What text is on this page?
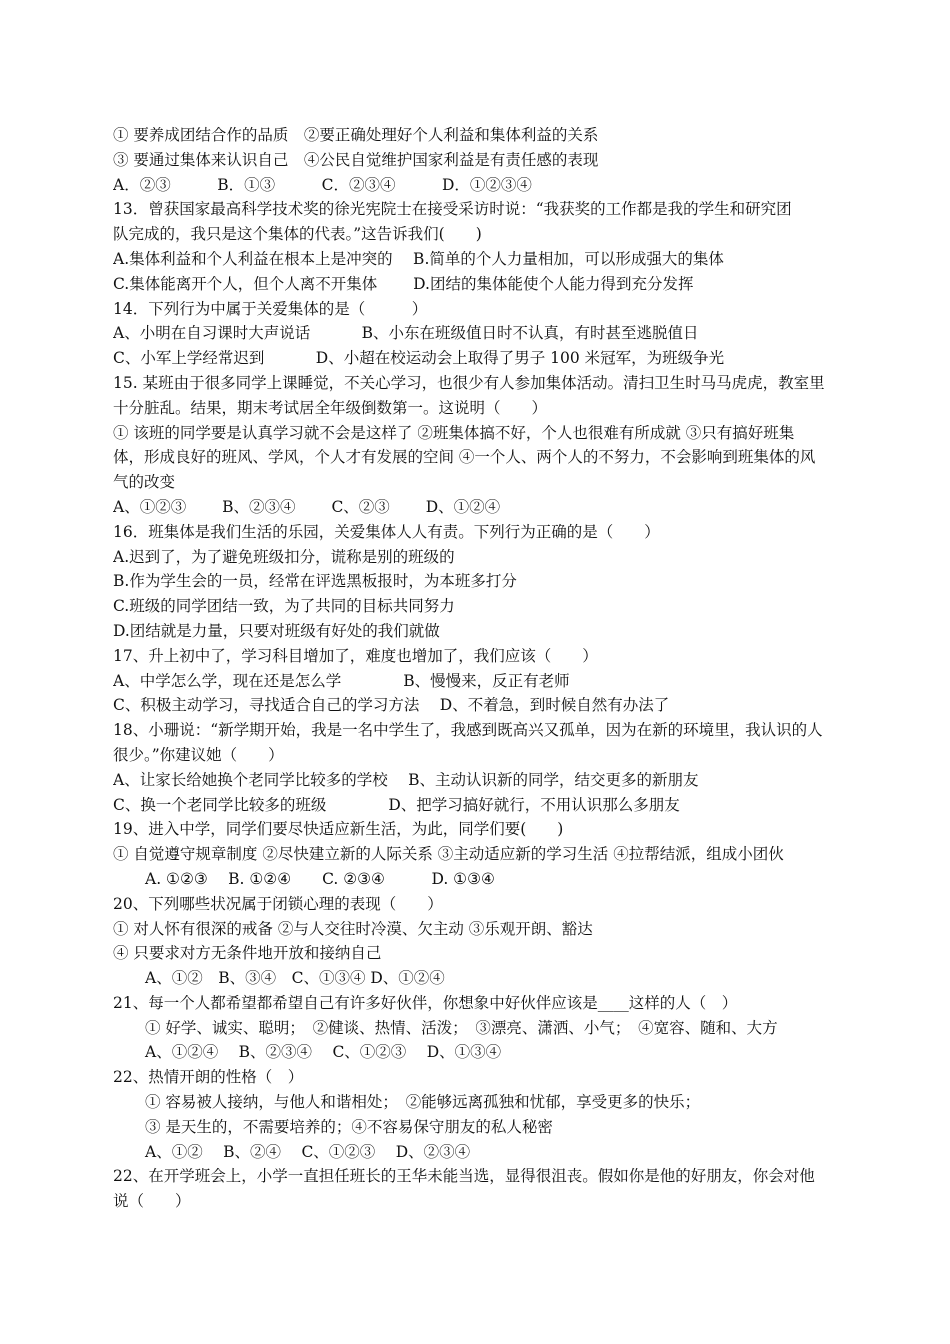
① 要养成团结合作的品质　②要正确处理好个人利益和集体利益的关系
③ 要通过集体来认识自己　④公民自觉维护国家利益是有责任感的表现
A．②③　　　B．①③　　　C．②③④　　　D．①②③④
13．曾获国家最高科学技术奖的徐光宪院士在接受采访时说：“我获奖的工作都是我的学生和研究团
队完成的，我只是这个集体的代表。”这告诉我们(　　)
A.集体利益和个人利益在根本上是冲突的　 B.简单的个人力量相加，可以形成强大的集体
C.集体能离开个人，但个人离不开集体　　 D.团结的集体能使个人能力得到充分发挥
14．下列行为中属于关爱集体的是（　　　）
A、小明在自习课时大声说话　　　 B、小东在班级值日时不认真，有时甚至逃脱值日
C、小军上学经常迟到　　　 D、小超在校运动会上取得了男子 100 米冠军，为班级争光
15. 某班由于很多同学上课睡觉，不关心学习，也很少有人参加集体活动。清扫卫生时马马虎虎，教室里
十分脏乱。结果，期末考试居全年级倒数第一。这说明（　　）
① 该班的同学要是认真学习就不会是这样了 ②班集体搞不好，个人也很难有所成就 ③只有搞好班集
体，形成良好的班风、学风，个人才有发展的空间 ④一个人、两个人的不努力，不会影响到班集体的风
气的改变
A、①②③　　 B、②③④　　 C、②③　　 D、①②④
16．班集体是我们生活的乐园，关爱集体人人有责。下列行为正确的是（　　）
A.迟到了，为了避免班级扣分，谎称是别的班级的
B.作为学生会的一员，经常在评选黑板报时，为本班多打分
C.班级的同学团结一致，为了共同的目标共同努力
D.团结就是力量，只要对班级有好处的我们就做
17、升上初中了，学习科目增加了，难度也增加了，我们应该（　　）
A、中学怎么学，现在还是怎么学　　　　B、慢慢来，反正有老师
C、积极主动学习，寻找适合自己的学习方法　 D、不着急，到时候自然有办法了
18、小珊说：“新学期开始，我是一名中学生了，我感到既高兴又孤单，因为在新的环境里，我认识的人
很少。”你建议她（　　）
A、让家长给她换个老同学比较多的学校　 B、主动认识新的同学，结交更多的新朋友
C、换一个老同学比较多的班级　　　　D、把学习搞好就行，不用认识那么多朋友
19、进入中学，同学们要尽快适应新生活，为此，同学们要(　　)
① 自觉遵守规章制度 ②尽快建立新的人际关系 ③主动适应新的学习生活 ④拉帮结派，组成小团伙
A. ①②③　 B. ①②④　　C. ②③④　　　D. ①③④
20、下列哪些状况属于闭锁心理的表现（　　）
① 对人怀有很深的戒备 ②与人交往时冷漠、欠主动 ③乐观开朗、豁达
④ 只要求对方无条件地开放和接纳自己
A、①②　B、③④　C、①③④ D、①②④
21、每一个人都希望都希望自己有许多好伙伴，你想象中好伙伴应该是____这样的人（　）
① 好学、诚实、聪明；　②健谈、热情、活泼；　③漂亮、潇洒、小气；　④宽容、随和、大方
A、①②④　 B、②③④　 C、①②③　 D、①③④
22、热情开朗的性格（　）
① 容易被人接纳，与他人和谐相处；　②能够远离孤独和忧郁，享受更多的快乐；
③ 是天生的，不需要培养的；④不容易保守朋友的私人秘密
A、①②　 B、②④　 C、①②③　 D、②③④
22、在开学班会上，小学一直担任班长的王华未能当选，显得很沮丧。假如你是他的好朋友，你会对他
说（　　）
